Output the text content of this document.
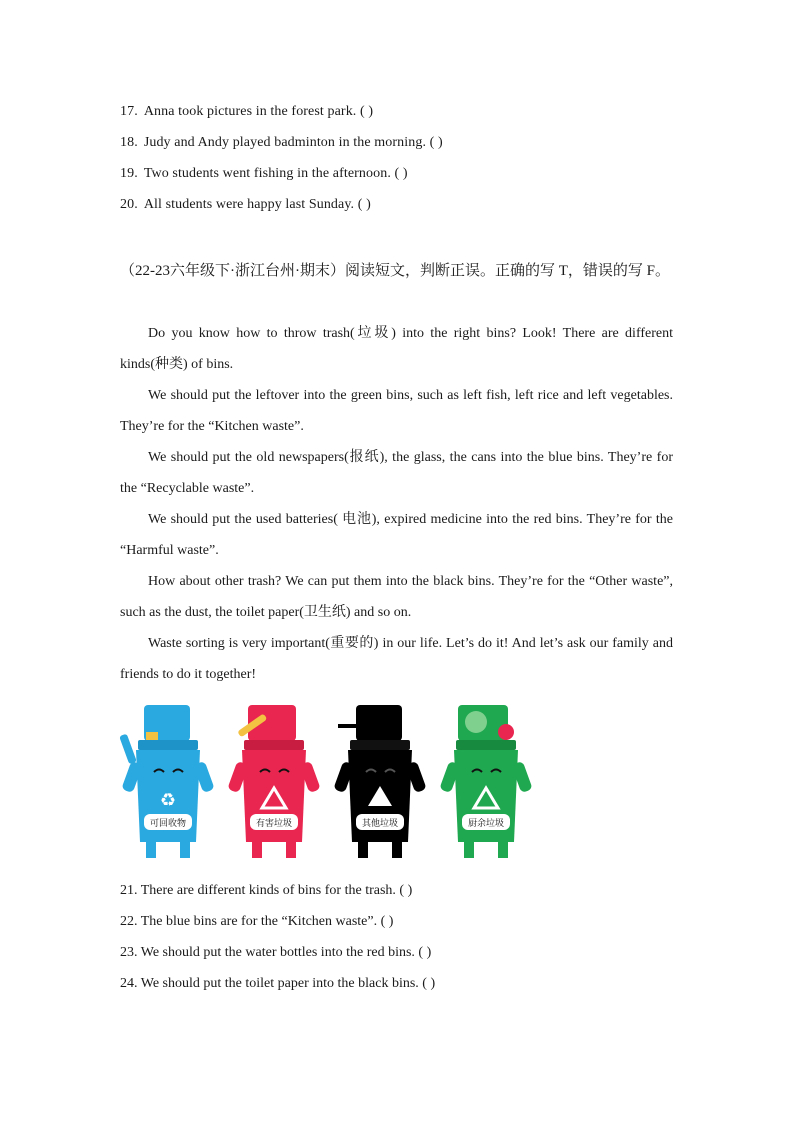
17. Anna took pictures in the forest park. ( )
18. Judy and Andy played badminton in the morning. ( )
19. Two students went fishing in the afternoon. ( )
20. All students were happy last Sunday. ( )
（22-23六年级下·浙江台州·期末）阅读短文，判断正误。正确的写 T，错误的写 F。

Do you know how to throw trash(垃圾) into the right bins? Look! There are different kinds(种类) of bins.

We should put the leftover into the green bins, such as left fish, left rice and left vegetables. They’re for the “Kitchen waste”.

We should put the old newspapers(报纸), the glass, the cans into the blue bins. They’re for the “Recyclable waste”.

We should put the used batteries( 电池), expired medicine into the red bins. They’re for the “Harmful waste”.

How about other trash? We can put them into the black bins. They’re for the “Other waste”, such as the dust, the toilet paper(卫生纸) and so on.

Waste sorting is very important(重要的) in our life. Let’s do it! And let’s ask our family and friends to do it together!

♻
可回收物	有害垃圾	其他垃圾	厨余垃圾
21. There are different kinds of bins for the trash. ( )
22. The blue bins are for the “Kitchen waste”. ( )
23. We should put the water bottles into the red bins. ( )
24. We should put the toilet paper into the black bins. ( )
